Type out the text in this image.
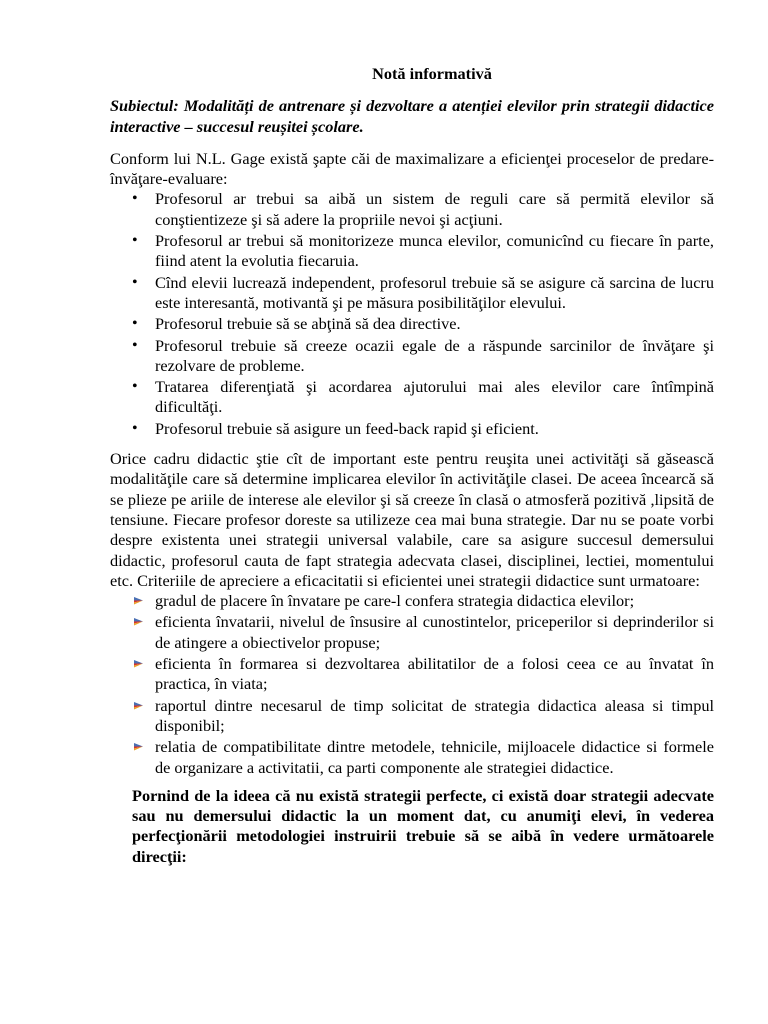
Notă informativă
Subiectul: Modalități de antrenare și dezvoltare a atenției elevilor prin strategii didactice interactive – succesul reușitei școlare.

Conform lui N.L. Gage există şapte căi de maximalizare a eficienţei proceselor de predare-învăţare-evaluare:

• Profesorul ar trebui sa aibă un sistem de reguli care să permită elevilor să conştientizeze şi să adere la propriile nevoi şi acţiuni.
• Profesorul ar trebui să monitorizeze munca elevilor, comunicînd cu fiecare în parte, fiind atent la evolutia fiecaruia.
• Cînd elevii lucrează independent, profesorul trebuie să se asigure că sarcina de lucru este interesantă, motivantă şi pe măsura posibilităţilor elevului.
• Profesorul trebuie să se abţină să dea directive.
• Profesorul trebuie să creeze ocazii egale de a răspunde sarcinilor de învăţare şi rezolvare de probleme.
• Tratarea diferenţiată şi acordarea ajutorului mai ales elevilor care întîmpină dificultăţi.
• Profesorul trebuie să asigure un feed-back rapid şi eficient.

Orice cadru didactic ştie cît de important este pentru reuşita unei activităţi să găsească modalităţile care să determine implicarea elevilor în activităţile clasei. De aceea încearcă să se plieze pe ariile de interese ale elevilor şi să creeze în clasă o atmosferă pozitivă ,lipsită de tensiune. Fiecare profesor doreste sa utilizeze cea mai buna strategie. Dar nu se poate vorbi despre existenta unei strategii universal valabile, care sa asigure succesul demersului didactic, profesorul cauta de fapt strategia adecvata clasei, disciplinei, lectiei, momentului etc. Criteriile de apreciere a eficacitatii si eficientei unei strategii didactice sunt urmatoare:

gradul de placere în învatare pe care-l confera strategia didactica elevilor;
eficienta învatarii, nivelul de însusire al cunostintelor, priceperilor si deprinderilor si de atingere a obiectivelor propuse;
eficienta în formarea si dezvoltarea abilitatilor de a folosi ceea ce au învatat în practica, în viata;
raportul dintre necesarul de timp solicitat de strategia didactica aleasa si timpul disponibil;
relatia de compatibilitate dintre metodele, tehnicile, mijloacele didactice si formele de organizare a activitatii, ca parti componente ale strategiei didactice.

Pornind de la ideea că nu există strategii perfecte, ci există doar strategii adecvate sau nu demersului didactic la un moment dat, cu anumiţi elevi, în vederea perfecţionării metodologiei instruirii trebuie să se aibă în vedere următoarele direcţii:
